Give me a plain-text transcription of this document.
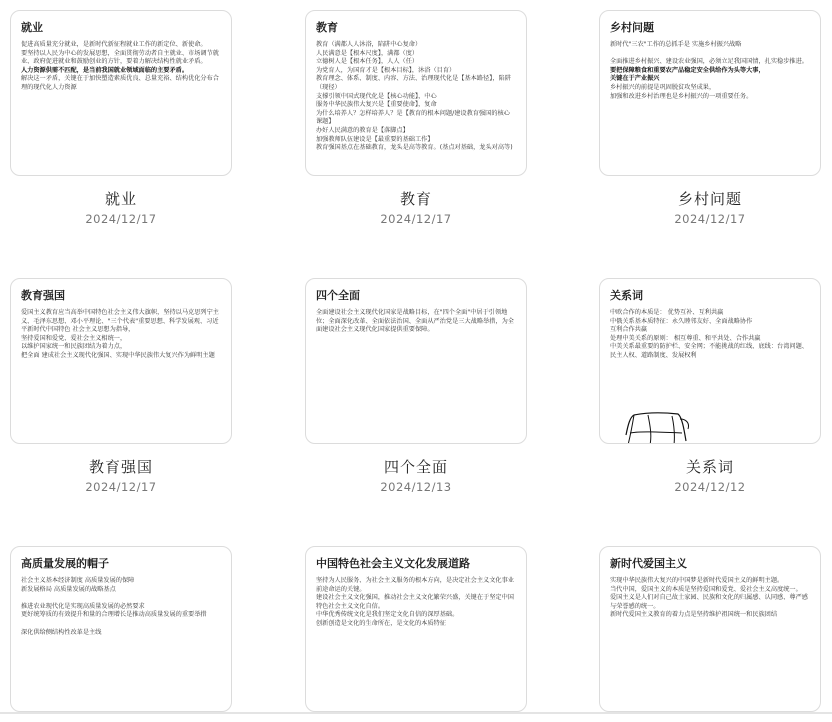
就业
促进高质量充分就业，是新时代新征程就业工作的新定位、新使命。
要坚持以人民为中心的发展思想，全面贯彻劳动者自主就业、市场调节就业、政府促进就业和鼓励创业的方针，要着力解决结构性就业矛盾。
人力资源供需不匹配，是当前我国就业领域面临的主要矛盾。
解决这一矛盾，关键在于加快塑造素质优良、总量充裕、结构优化分布合理的现代化人力资源
就业
2024/12/17
教育
教育（满都人人沐浴，陷阱中心复命）
人民满意是【根本尺度】，满都（度）
立德树人是【根本任务】，人人（任）
为党育人，为国育才是【根本目标】，沐浴（目育）
教育理念、体系、制度、内容、方法、治理现代化是【基本路径】，陷阱（现径）
支撑引领中国式现代化是【核心功能】，中心
服务中华民族伟大复兴是【重要使命】，复命
为什么培养人？怎样培养人？是【教育的根本问题/建设教育强国的核心课题】
办好人民满意的教育是【落脚点】
加强教师队伍建设是【最重要的基础工作】
教育强国基点在基础教育，龙头是高等教育。(基点对基础，龙头对高等)
教育
2024/12/17
乡村问题
新时代"三农"工作的总抓手是 实施乡村振兴战略

全面推进乡村振兴、建设农业强国，必须立足我国国情，扎实稳步推进。
要把保障粮食和重要农产品稳定安全供给作为头等大事，
关键在于产业振兴
乡村振兴的前提是巩固脱贫攻坚成果，
加强和改进乡村治理也是乡村振兴的一项重要任务。
乡村问题
2024/12/17
教育强国
爱国主义教育应当高举中国特色社会主义伟大旗帜，坚持以马克思列宁主义、毛泽东思想、邓小平理论、"三个代表"重要思想、科学发展观、习近平新时代中国特色 社会主义思想为指导，
坚持爱国和爱党、爱社会主义相统一，
以维护国家统一和民族团结为着力点，
把全面 建成社会主义现代化强国、实现中华民族伟大复兴作为鲜明主题
教育强国
2024/12/17
四个全面
全面建设社会主义现代化国家是战略目标，在"四个全面"中居于引领地位；全面深化改革、全面依法治国、全面从严治党是三大战略举措，为全面建设社会主义现代化国家提供重要保障。
四个全面
2024/12/13
关系词
中欧合作的本质是： 优势互补、互利共赢
中俄关系基本质特征：永久睦邻友好、全面战略协作
互利合作共赢
处理中美关系的原则： 相互尊重、和平共处、合作共赢
中美关系最重要的防护栏、安全网；不能挑战的红线、底线：台湾问题、民主人权、道路制度、发展权利
关系词
2024/12/12
高质量发展的帽子
社会主义基本经济制度 高质量发展的保障
新发展格局 高质量发展的战略基点

推进农业现代化是实现高质量发展的必然要求
更好统筹质的有效提升和量的合理增长是推动高质量发展的重要举措

深化供给侧结构性改革是主线
中国特色社会主义文化发展道路
坚持为人民服务、为社会主义服务的根本方向，是决定社会主义文化事业前途命运的关键。
建设社会主义文化强国，推动社会主义文化繁荣兴盛，关键在于坚定中国特色社会主义文化自信。
中华优秀传统文化是我们坚定文化自信的深厚基础。
创新创造是文化的生命所在，是文化的本质特征
新时代爱国主义
实现中华民族伟大复兴的中国梦是新时代爱国主义的鲜明主题。
当代中国，爱国主义的本质是坚持爱国和爱党、爱社会主义高度统一。
爱国主义是人们对自己故土家园、民族和文化的归属感、认同感、尊严感与荣誉感的统一。
新时代爱国主义教育的着力点是坚持维护祖国统一和民族团结
